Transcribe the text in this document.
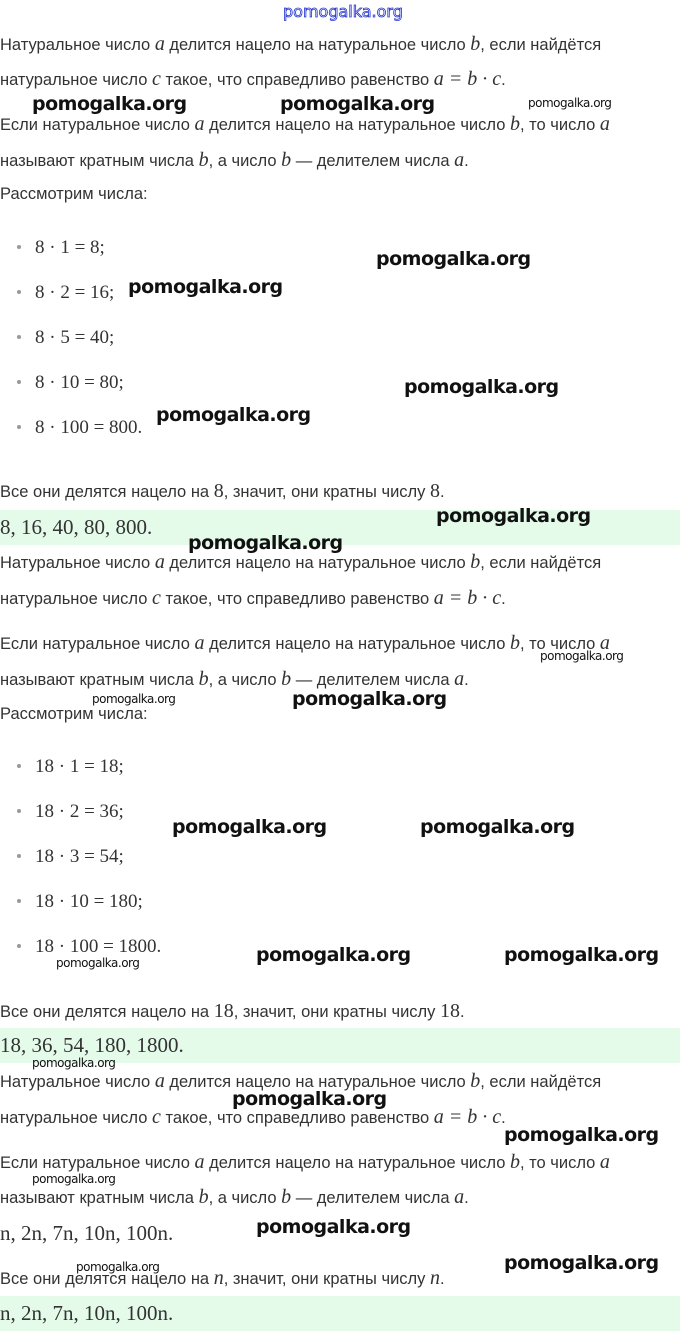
pomogalka.org
Натуральное число a делится нацело на натуральное число b, если найдётся
натуральное число c такое, что справедливо равенство a = b · c.
Если натуральное число a делится нацело на натуральное число b, то число a
называют кратным числа b, а число b — делителем числа a.
Рассмотрим числа:
8 · 1 = 8;
8 · 2 = 16;
8 · 5 = 40;
8 · 10 = 80;
8 · 100 = 800.
Все они делятся нацело на 8, значит, они кратны числу 8.
8, 16, 40, 80, 800.
Натуральное число a делится нацело на натуральное число b, если найдётся
натуральное число c такое, что справедливо равенство a = b · c.
Если натуральное число a делится нацело на натуральное число b, то число a
называют кратным числа b, а число b — делителем числа a.
Рассмотрим числа:
18 · 1 = 18;
18 · 2 = 36;
18 · 3 = 54;
18 · 10 = 180;
18 · 100 = 1800.
Все они делятся нацело на 18, значит, они кратны числу 18.
18, 36, 54, 180, 1800.
Натуральное число a делится нацело на натуральное число b, если найдётся
натуральное число c такое, что справедливо равенство a = b · c.
Если натуральное число a делится нацело на натуральное число b, то число a
называют кратным числа b, а число b — делителем числа a.
n, 2n, 7n, 10n, 100n.
Все они делятся нацело на n, значит, они кратны числу n.
n, 2n, 7n, 10n, 100n.
pomogalka.org	pomogalka.org	pomogalka.org
pomogalka.org
pomogalka.org
pomogalka.org
pomogalka.org
pomogalka.org
pomogalka.org
pomogalka.org
pomogalka.org
pomogalka.org
pomogalka.org	pomogalka.org
pomogalka.org	pomogalka.org
pomogalka.org
pomogalka.org
pomogalka.org
pomogalka.org
pomogalka.org
pomogalka.org
pomogalka.org
pomogalka.org
